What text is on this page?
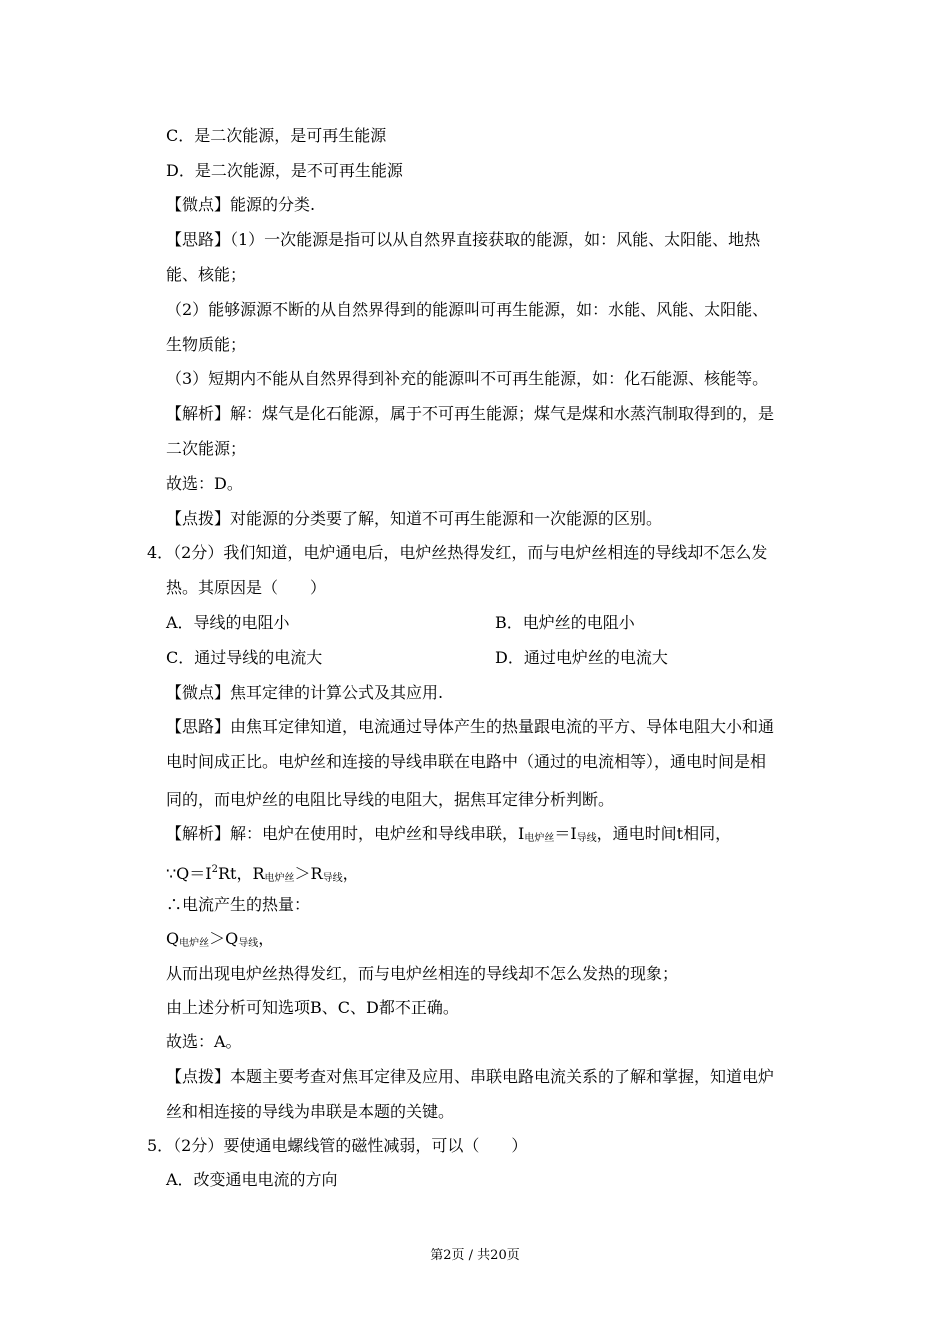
C．是二次能源，是可再生能源
D．是二次能源，是不可再生能源
【微点】能源的分类.
【思路】（1）一次能源是指可以从自然界直接获取的能源，如：风能、太阳能、地热
能、核能；
（2）能够源源不断的从自然界得到的能源叫可再生能源，如：水能、风能、太阳能、
生物质能；
（3）短期内不能从自然界得到补充的能源叫不可再生能源，如：化石能源、核能等。
【解析】解：煤气是化石能源，属于不可再生能源；煤气是煤和水蒸汽制取得到的，是
二次能源；
故选：D。
【点拨】对能源的分类要了解，知道不可再生能源和一次能源的区别。
4．（2分）我们知道，电炉通电后，电炉丝热得发红，而与电炉丝相连的导线却不怎么发
热。其原因是（　　）
A．导线的电阻小	B．电炉丝的电阻小
C．通过导线的电流大	D．通过电炉丝的电流大
【微点】焦耳定律的计算公式及其应用.
【思路】由焦耳定律知道，电流通过导体产生的热量跟电流的平方、导体电阻大小和通
电时间成正比。电炉丝和连接的导线串联在电路中（通过的电流相等），通电时间是相
同的，而电炉丝的电阻比导线的电阻大，据焦耳定律分析判断。
【解析】解：电炉在使用时，电炉丝和导线串联，$I_{电炉丝}=I_{导线}$，通电时间t相同，
$\because Q=I^2Rt$，$R_{电炉丝}>R_{导线}$，
∴电流产生的热量：
$Q_{电炉丝}>Q_{导线}$，
从而出现电炉丝热得发红，而与电炉丝相连的导线却不怎么发热的现象；
由上述分析可知选项B、C、D都不正确。
故选：A。
【点拨】本题主要考查对焦耳定律及应用、串联电路电流关系的了解和掌握，知道电炉
丝和相连接的导线为串联是本题的关键。
5．（2分）要使通电螺线管的磁性减弱，可以（　　）
A．改变通电电流的方向
第2页 / 共20页
